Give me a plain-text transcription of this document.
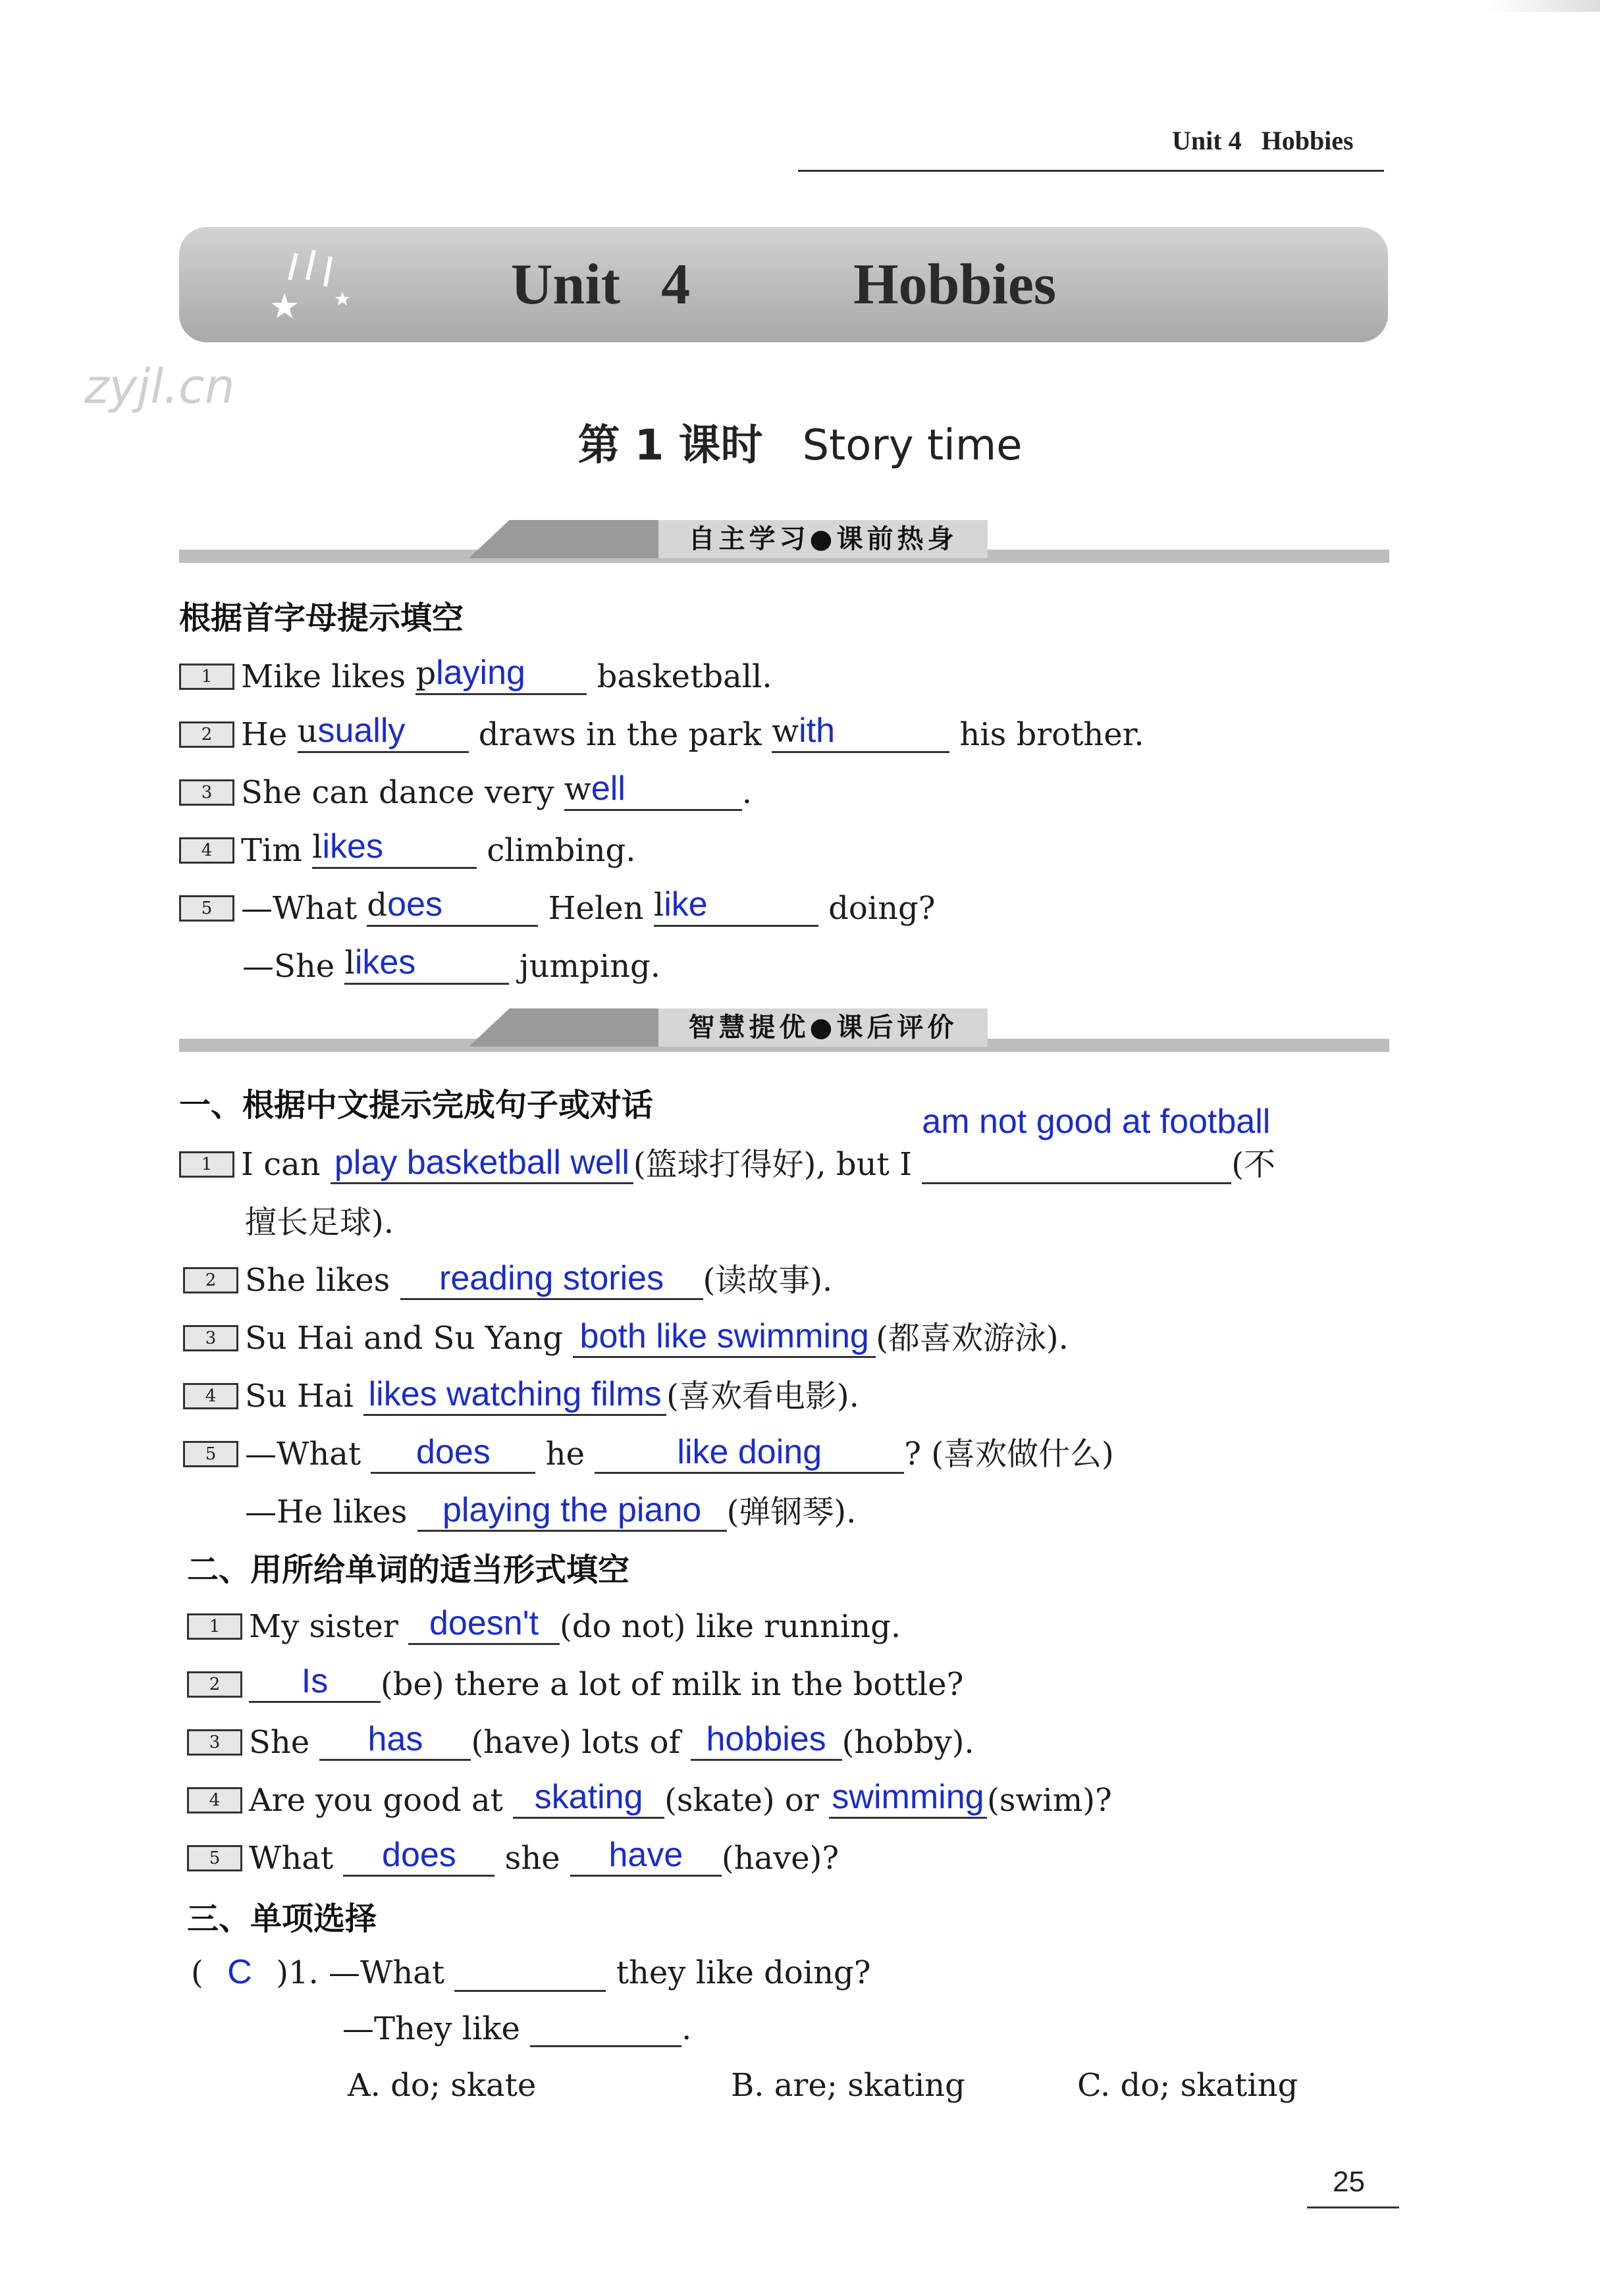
Unit 4 Hobbies
Unit 4    Hobbies
zyjl.cn
第 1 课时 Story time
自主学习●课前热身
根据首字母提示填空
1 Mike likes playing basketball.
2 He usually draws in the park with	his brother.
3 She can dance very well	.
4 Tim likes	climbing.
5 —What does	Helen like	doing?
—She likes	jumping.
智慧提优●课后评价
一、根据中文提示完成句子或对话
1 I can play basketball well (篮球打得好), but I
am not good at football
(不
擅长足球).
2 She likes reading stories (读故事).
3 Su Hai and Su Yang both like swimming (都喜欢游泳).
4 Su Hai likes watching films (喜欢看电影).
5 —What does he like doing	? (喜欢做什么)
—He likes playing the piano (弹钢琴).
二、用所给单词的适当形式填空
1 My sister doesn't (do not) like running.
2 Is (be) there a lot of milk in the bottle?
3 She has (have) lots of hobbies (hobby).
4 Are you good at skating (skate) or swimming(swim)?
5 What does she have (have)?
三、单项选择
( C )1. —What	they like doing?
—They like	.
A. do; skate	B. are; skating	C. do; skating
25
